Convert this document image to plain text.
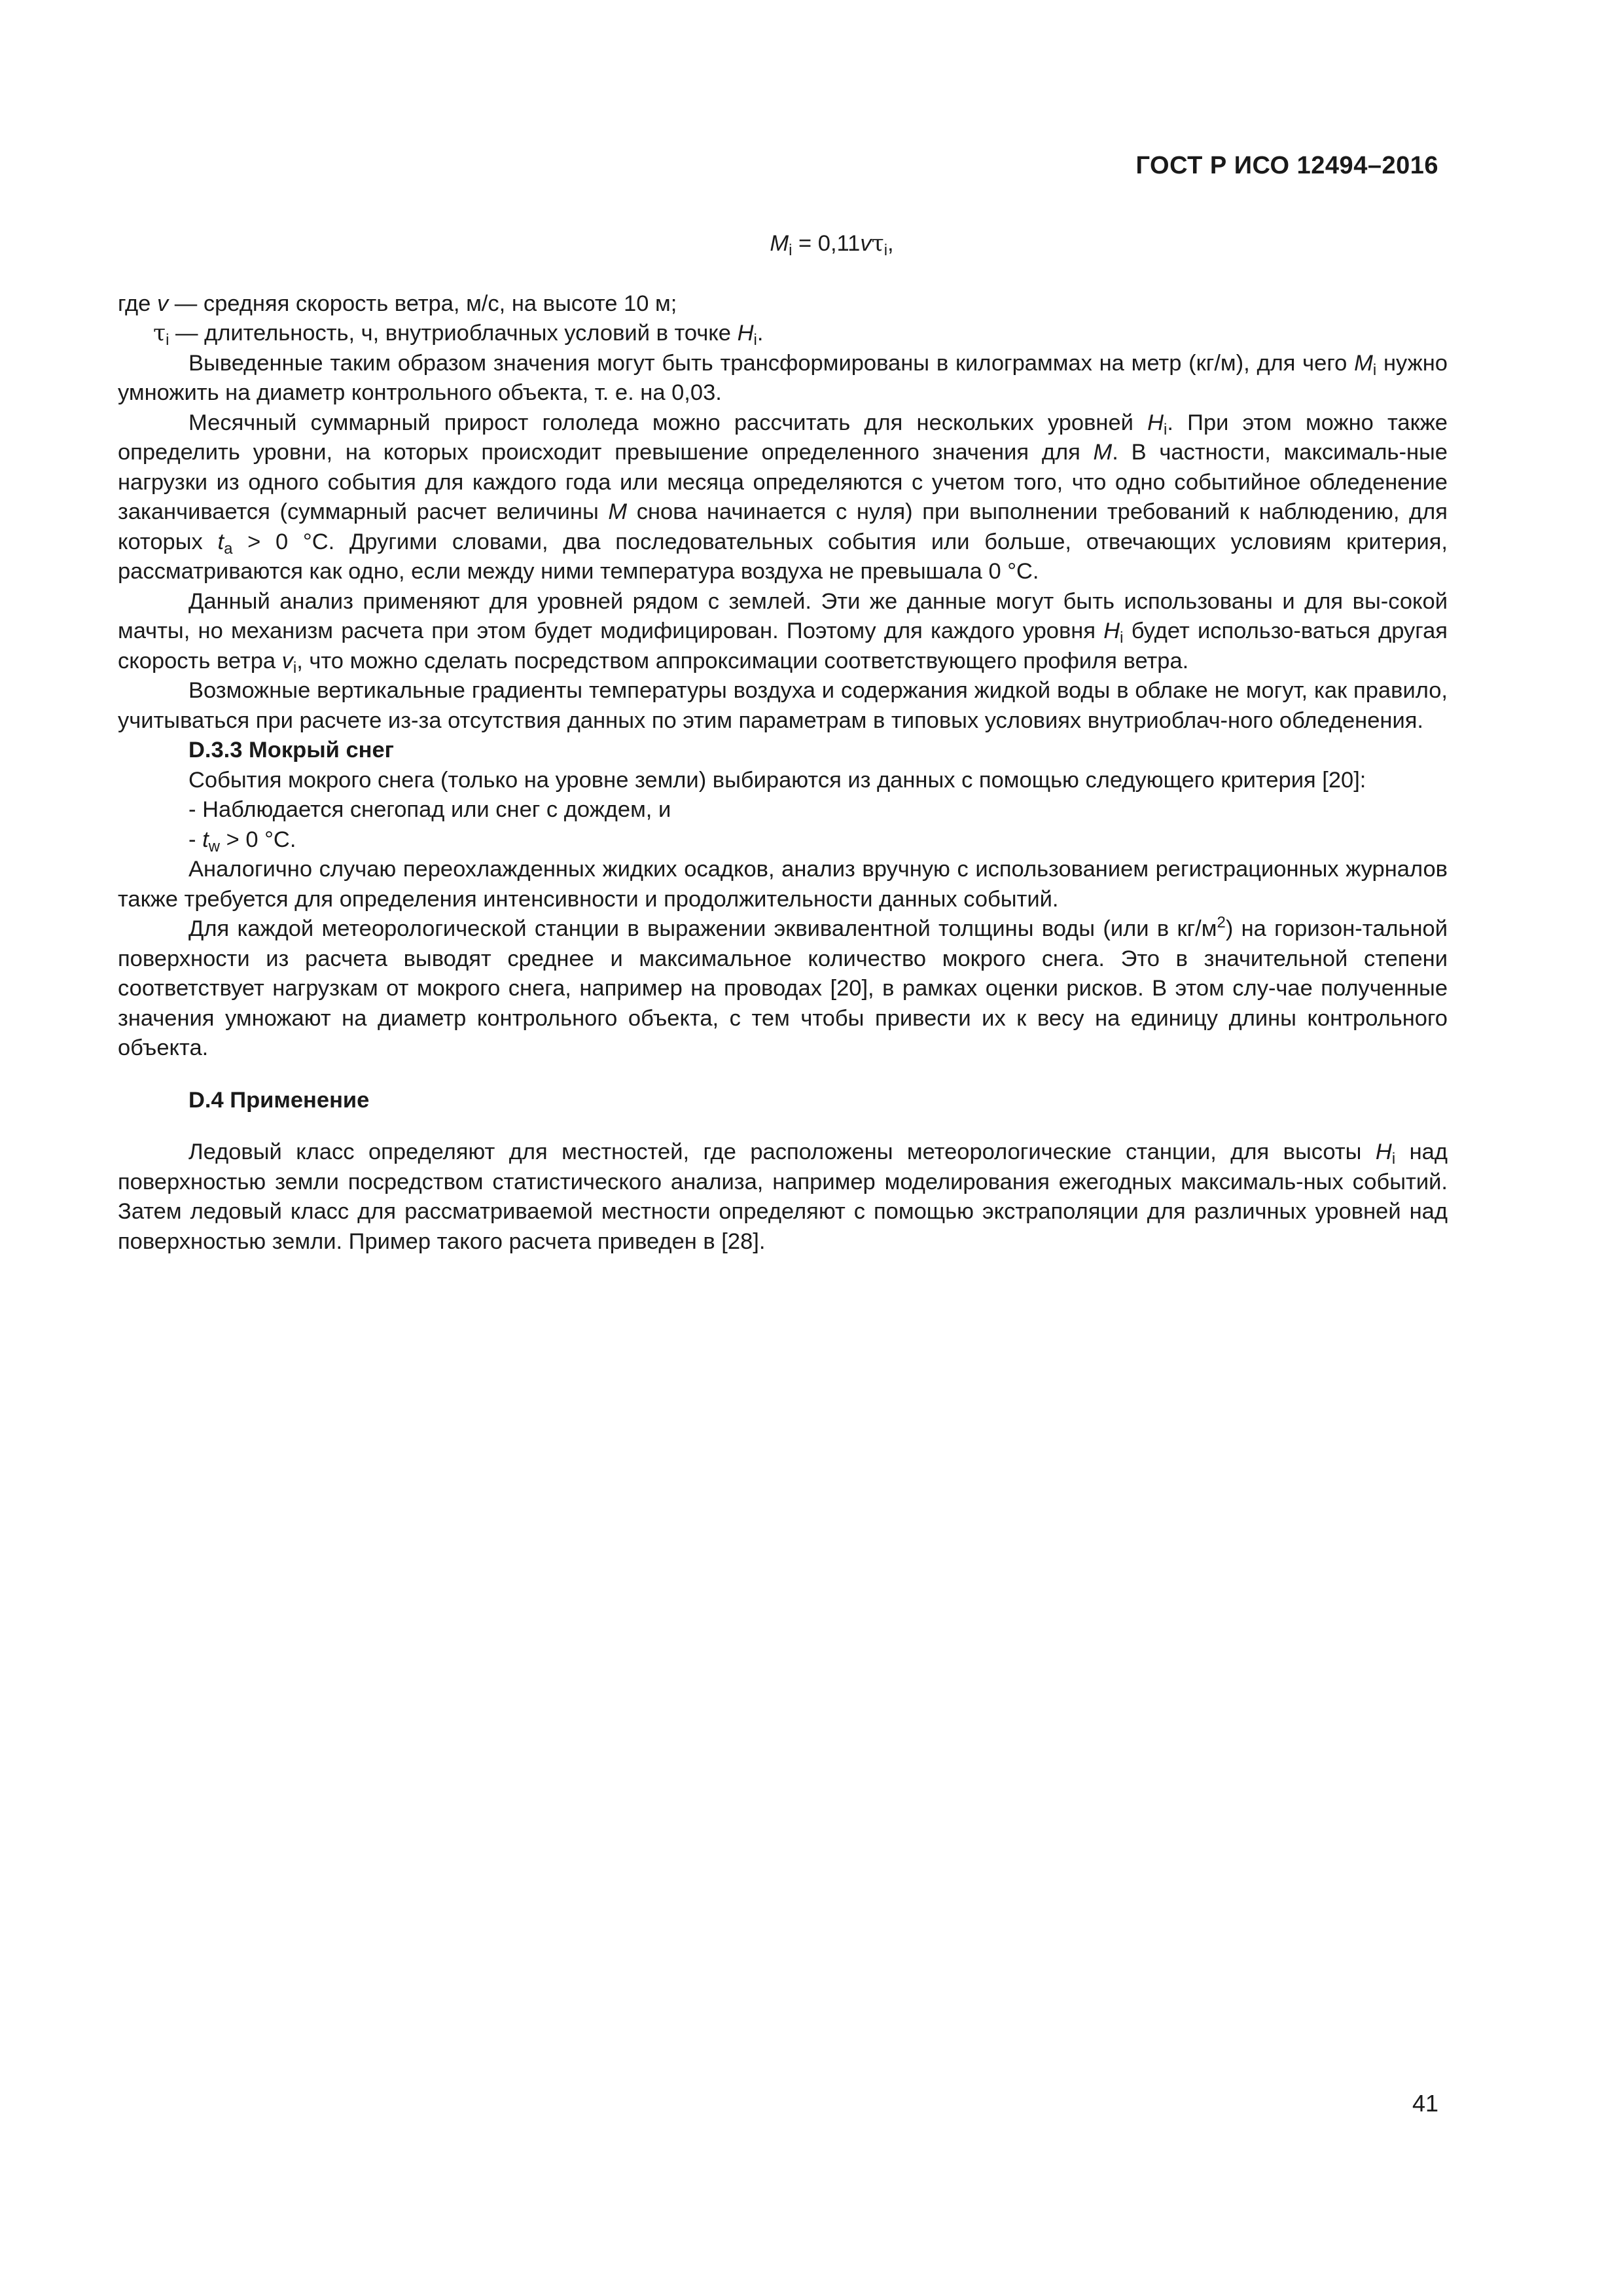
ГОСТ Р ИСО 12494–2016

$M_i = 0,11v\tau_i$,

где v — средняя скорость ветра, м/с, на высоте 10 м;

$\tau_i$ — длительность, ч, внутриоблачных условий в точке $H_i$.

Выведенные таким образом значения могут быть трансформированы в килограммах на метр (кг/м), для чего $M_i$ нужно умножить на диаметр контрольного объекта, т. е. на 0,03.

Месячный суммарный прирост гололеда можно рассчитать для нескольких уровней $H_i$. При этом можно также определить уровни, на которых происходит превышение определенного значения для M. В частности, максималь-ные нагрузки из одного события для каждого года или месяца определяются с учетом того, что одно событийное обледенение заканчивается (суммарный расчет величины M снова начинается с нуля) при выполнении требований к наблюдению, для которых $t_a > 0$ °С. Другими словами, два последовательных события или больше, отвечающих условиям критерия, рассматриваются как одно, если между ними температура воздуха не превышала 0 °С.

Данный анализ применяют для уровней рядом с землей. Эти же данные могут быть использованы и для вы-сокой мачты, но механизм расчета при этом будет модифицирован. Поэтому для каждого уровня $H_i$ будет использо-ваться другая скорость ветра $v_i$, что можно сделать посредством аппроксимации соответствующего профиля ветра.

Возможные вертикальные градиенты температуры воздуха и содержания жидкой воды в облаке не могут, как правило, учитываться при расчете из-за отсутствия данных по этим параметрам в типовых условиях внутриоблач-ного обледенения.

D.3.3 Мокрый снег

События мокрого снега (только на уровне земли) выбираются из данных с помощью следующего критерия [20]:

- Наблюдается снегопад или снег с дождем, и

- $t_w > 0$ °С.

Аналогично случаю переохлажденных жидких осадков, анализ вручную с использованием регистрационных журналов также требуется для определения интенсивности и продолжительности данных событий.

Для каждой метеорологической станции в выражении эквивалентной толщины воды (или в $кг/м^2$) на горизон-тальной поверхности из расчета выводят среднее и максимальное количество мокрого снега. Это в значительной степени соответствует нагрузкам от мокрого снега, например на проводах [20], в рамках оценки рисков. В этом слу-чае полученные значения умножают на диаметр контрольного объекта, с тем чтобы привести их к весу на единицу длины контрольного объекта.

D.4 Применение

Ледовый класс определяют для местностей, где расположены метеорологические станции, для высоты $H_i$ над поверхностью земли посредством статистического анализа, например моделирования ежегодных максималь-ных событий. Затем ледовый класс для рассматриваемой местности определяют с помощью экстраполяции для различных уровней над поверхностью земли. Пример такого расчета приведен в [28].

41
